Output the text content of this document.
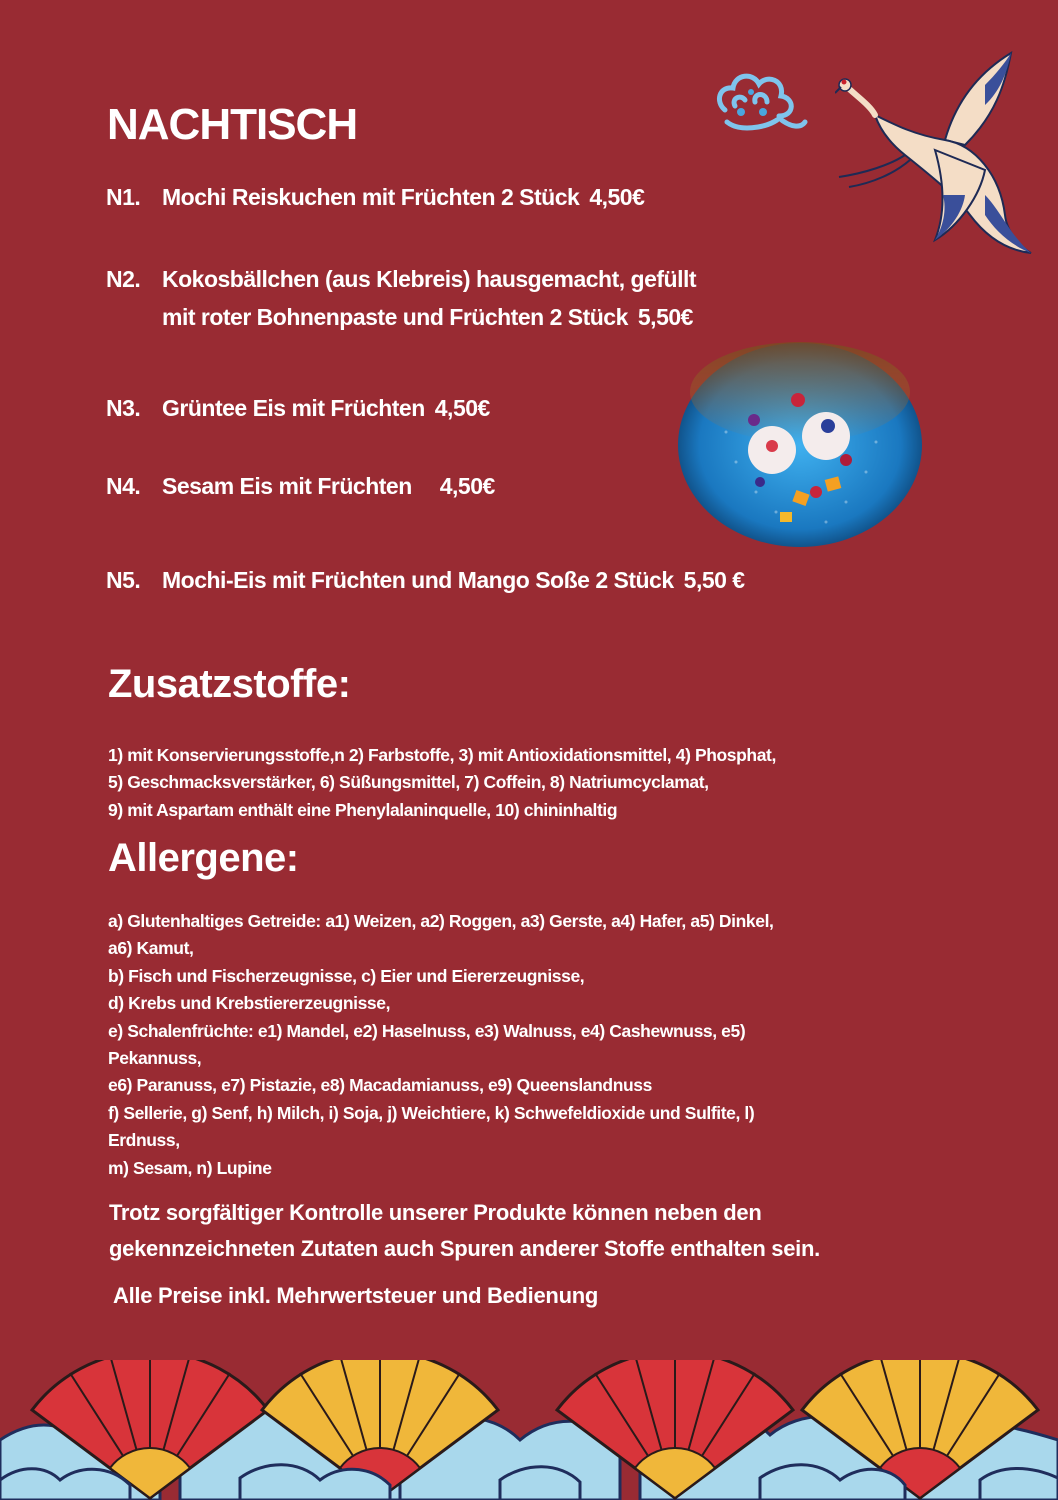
NACHTISCH
N1. Mochi Reiskuchen mit Früchten 2 Stück 4,50€
N2. Kokosbällchen (aus Klebreis) hausgemacht, gefüllt
mit roter Bohnenpaste und Früchten 2 Stück 5,50€
N3. Grüntee Eis mit Früchten 4,50€
N4. Sesam Eis mit Früchten 4,50€
N5. Mochi-Eis mit Früchten und Mango Soße 2 Stück 5,50 €
Zusatzstoffe:

1) mit Konservierungsstoffe,n 2) Farbstoffe, 3) mit Antioxidationsmittel, 4) Phosphat,

5) Geschmacksverstärker, 6) Süßungsmittel, 7) Coffein, 8) Natriumcyclamat,

9) mit Aspartam enthält eine Phenylalaninquelle, 10) chininhaltig

Allergene:

a) Glutenhaltiges Getreide: a1) Weizen, a2) Roggen, a3) Gerste, a4) Hafer, a5) Dinkel,

a6) Kamut,

b) Fisch und Fischerzeugnisse, c) Eier und Eiererzeugnisse,

d) Krebs und Krebstiererzeugnisse,

e) Schalenfrüchte: e1) Mandel, e2) Haselnuss, e3) Walnuss, e4) Cashewnuss, e5)

Pekannuss,

e6) Paranuss, e7) Pistazie, e8) Macadamianuss, e9) Queenslandnuss

f) Sellerie, g) Senf, h) Milch, i) Soja, j) Weichtiere, k) Schwefeldioxide und Sulfite, l)

Erdnuss,

m) Sesam, n) Lupine

Trotz sorgfältiger Kontrolle unserer Produkte können neben den

gekennzeichneten Zutaten auch Spuren anderer Stoffe enthalten sein.

Alle Preise inkl. Mehrwertsteuer und Bedienung
